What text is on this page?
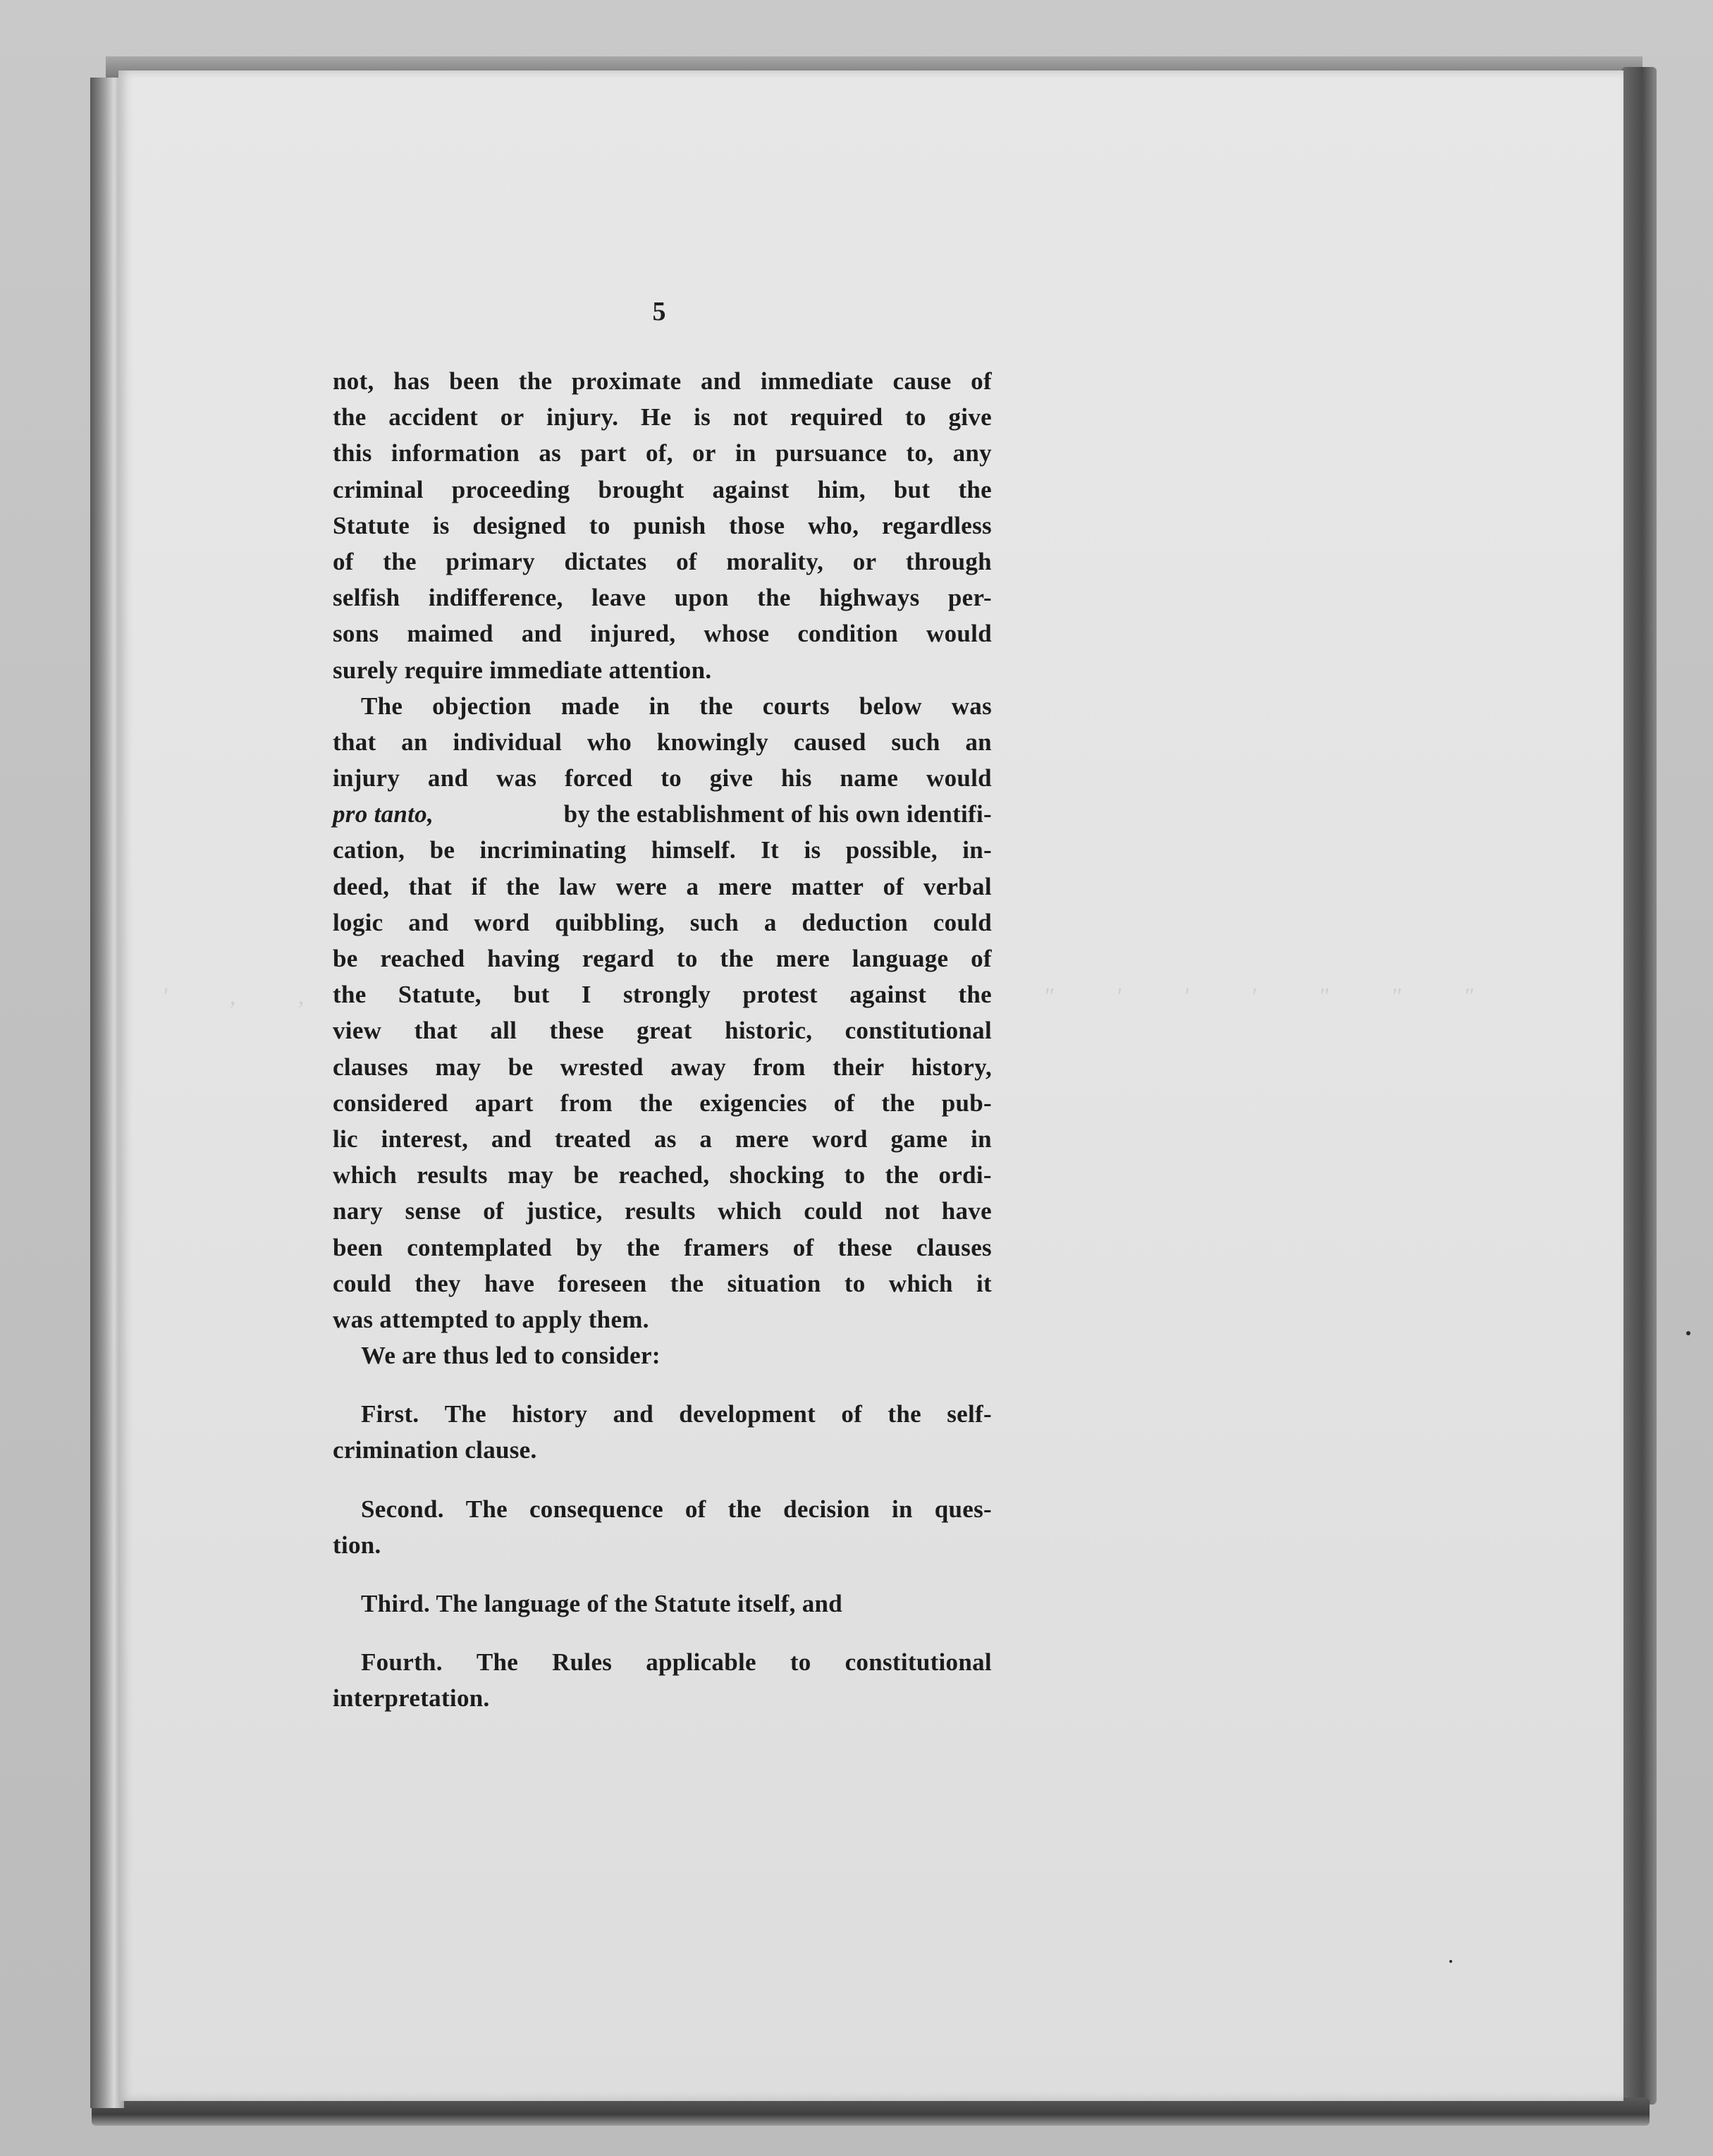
' , ,	" ' ' ' " " "
5
not, has been the proximate and immediate cause of
the accident or injury. He is not required to give
this information as part of, or in pursuance to, any
criminal proceeding brought against him, but the
Statute is designed to punish those who, regardless
of the primary dictates of morality, or through
selfish indifference, leave upon the highways per-
sons maimed and injured, whose condition would
surely require immediate attention.
The objection made in the courts below was
that an individual who knowingly caused such an
injury and was forced to give his name would
pro tanto,	by the establishment of his own identifi-
cation, be incriminating himself. It is possible, in-
deed, that if the law were a mere matter of verbal
logic and word quibbling, such a deduction could
be reached having regard to the mere language of
the Statute, but I strongly protest against the
view that all these great historic, constitutional
clauses may be wrested away from their history,
considered apart from the exigencies of the pub-
lic interest, and treated as a mere word game in
which results may be reached, shocking to the ordi-
nary sense of justice, results which could not have
been contemplated by the framers of these clauses
could they have foreseen the situation to which it
was attempted to apply them.
We are thus led to consider:
First. The history and development of the self-
crimination clause.
Second. The consequence of the decision in ques-
tion.
Third. The language of the Statute itself, and
Fourth. The Rules applicable to constitutional
interpretation.
